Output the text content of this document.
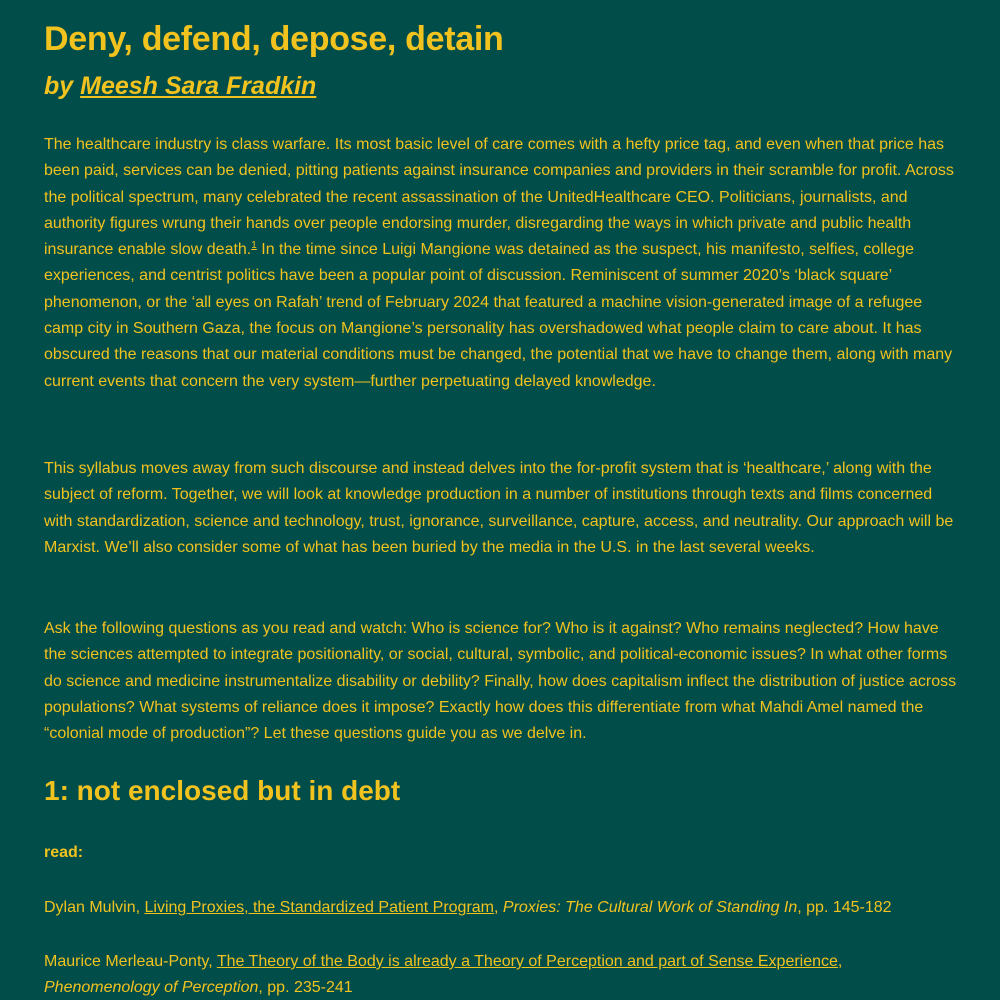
Deny, defend, depose, detain

by Meesh Sara Fradkin

The healthcare industry is class warfare. Its most basic level of care comes with a hefty price tag, and even when that price has been paid, services can be denied, pitting patients against insurance companies and providers in their scramble for profit. Across the political spectrum, many celebrated the recent assassination of the UnitedHealthcare CEO. Politicians, journalists, and authority figures wrung their hands over people endorsing murder, disregarding the ways in which private and public health insurance enable slow death.$^1$ In the time since Luigi Mangione was detained as the suspect, his manifesto, selfies, college experiences, and centrist politics have been a popular point of discussion. Reminiscent of summer 2020’s ‘black square’ phenomenon, or the ‘all eyes on Rafah’ trend of February 2024 that featured a machine vision-generated image of a refugee camp city in Southern Gaza, the focus on Mangione’s personality has overshadowed what people claim to care about. It has obscured the reasons that our material conditions must be changed, the potential that we have to change them, along with many current events that concern the very system—further perpetuating delayed knowledge.

This syllabus moves away from such discourse and instead delves into the for-profit system that is ‘healthcare,’ along with the subject of reform. Together, we will look at knowledge production in a number of institutions through texts and films concerned with standardization, science and technology, trust, ignorance, surveillance, capture, access, and neutrality. Our approach will be Marxist. We’ll also consider some of what has been buried by the media in the U.S. in the last several weeks.

Ask the following questions as you read and watch: Who is science for? Who is it against? Who remains neglected? How have the sciences attempted to integrate positionality, or social, cultural, symbolic, and political-economic issues? In what other forms do science and medicine instrumentalize disability or debility? Finally, how does capitalism inflect the distribution of justice across populations? What systems of reliance does it impose? Exactly how does this differentiate from what Mahdi Amel named the “colonial mode of production”? Let these questions guide you as we delve in.

1: not enclosed but in debt

read:

Dylan Mulvin, Living Proxies, the Standardized Patient Program, Proxies: The Cultural Work of Standing In, pp. 145-182

Maurice Merleau-Ponty, The Theory of the Body is already a Theory of Perception and part of Sense Experience,
Phenomenology of Perception, pp. 235-241
